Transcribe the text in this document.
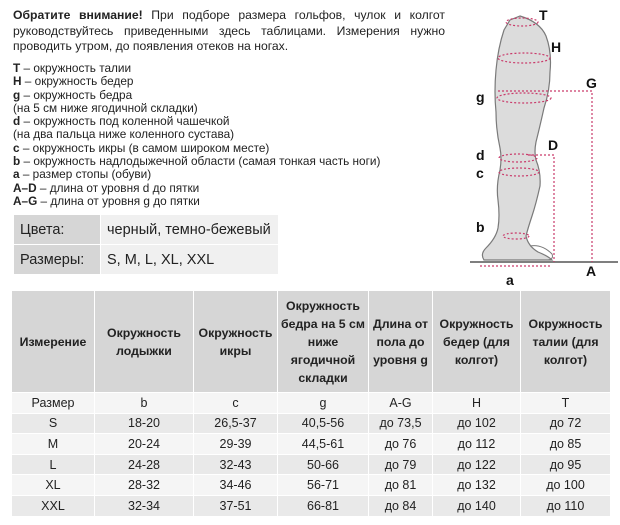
Обратите внимание! При подборе размера гольфов, чулок и колгот руководствуйтесь приведенными здесь таблицами. Измерения нужно проводить утром, до появления отеков на ногах.
T – окружность талии
H – окружность бедер
g – окружность бедра
(на 5 см ниже ягодичной складки)
d – окружность под коленной чашечкой
(на два пальца ниже коленного сустава)
c – окружность икры (в самом широком месте)
b – окружность надлодыжечной области (самая тонкая часть ноги)
a – размер стопы (обуви)
A–D – длина от уровня d до пятки
A–G – длина от уровня g до пятки
Цвета:	черный, темно-бежевый
Размеры:	S, M, L, XL, XXL
T
H
G
g
D
d
c
b
a
A
Измерение	Окружность лодыжки	Окружность икры	Окружность бедра на 5 см ниже ягодичной складки	Длина от пола до уровня g	Окружность бедер (для колгот)	Окружность талии (для колгот)
Размер	b	c	g	A-G	H	T
S	18-20	26,5-37	40,5-56	до 73,5	до 102	до 72
M	20-24	29-39	44,5-61	до 76	до 112	до 85
L	24-28	32-43	50-66	до 79	до 122	до 95
XL	28-32	34-46	56-71	до 81	до 132	до 100
XXL	32-34	37-51	66-81	до 84	до 140	до 110
